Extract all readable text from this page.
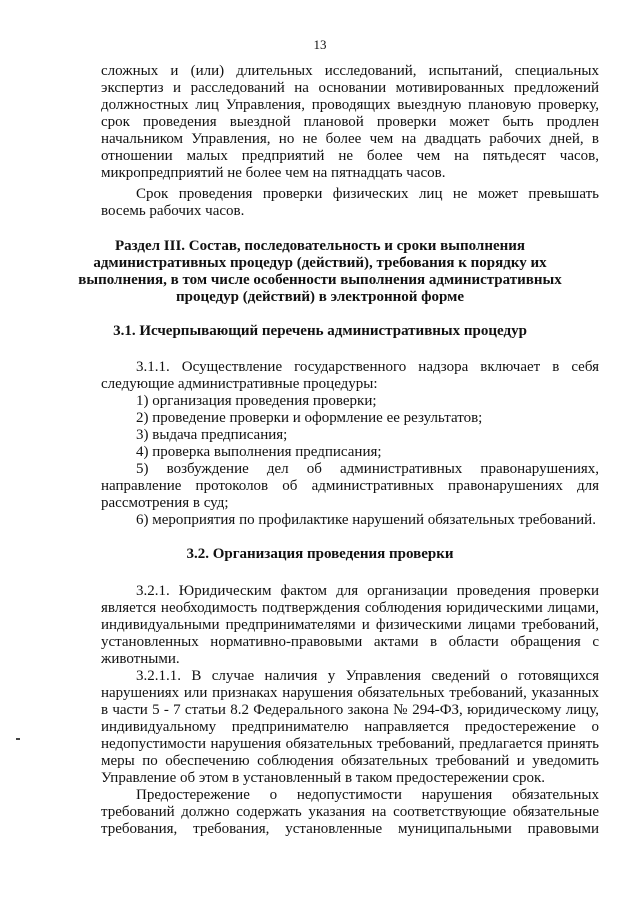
13
сложных и (или) длительных исследований, испытаний, специальных
экспертиз и расследований на основании мотивированных предложений
должностных лиц Управления, проводящих выездную плановую проверку,
срок проведения выездной плановой проверки может быть продлен
начальником Управления, но не более чем на двадцать рабочих дней, в
отношении малых предприятий не более чем на пятьдесят часов,
микропредприятий не более чем на пятнадцать часов.
Срок проведения проверки физических лиц не может превышать
восемь рабочих часов.
Раздел III. Состав, последовательность и сроки выполнения
административных процедур (действий), требования к порядку их
выполнения, в том числе особенности выполнения административных
процедур (действий) в электронной форме
3.1. Исчерпывающий перечень административных процедур
3.1.1. Осуществление государственного надзора включает в себя
следующие административные процедуры:
1) организация проведения проверки;
2) проведение проверки и оформление ее результатов;
3) выдача предписания;
4) проверка выполнения предписания;
5) возбуждение дел об административных правонарушениях,
направление протоколов об административных правонарушениях для
рассмотрения в суд;
6) мероприятия по профилактике нарушений обязательных требований.
3.2. Организация проведения проверки
3.2.1. Юридическим фактом для организации проведения проверки
является необходимость подтверждения соблюдения юридическими лицами,
индивидуальными предпринимателями и физическими лицами требований,
установленных нормативно-правовыми актами в области обращения с
животными.
3.2.1.1. В случае наличия у Управления сведений о готовящихся
нарушениях или признаках нарушения обязательных требований, указанных
в части 5 - 7 статьи 8.2 Федерального закона № 294-ФЗ, юридическому лицу,
индивидуальному предпринимателю направляется предостережение о
недопустимости нарушения обязательных требований, предлагается принять
меры по обеспечению соблюдения обязательных требований и уведомить
Управление об этом в установленный в таком предостережении срок.
Предостережение о недопустимости нарушения обязательных
требований должно содержать указания на соответствующие обязательные
требования, требования, установленные муниципальными правовыми
